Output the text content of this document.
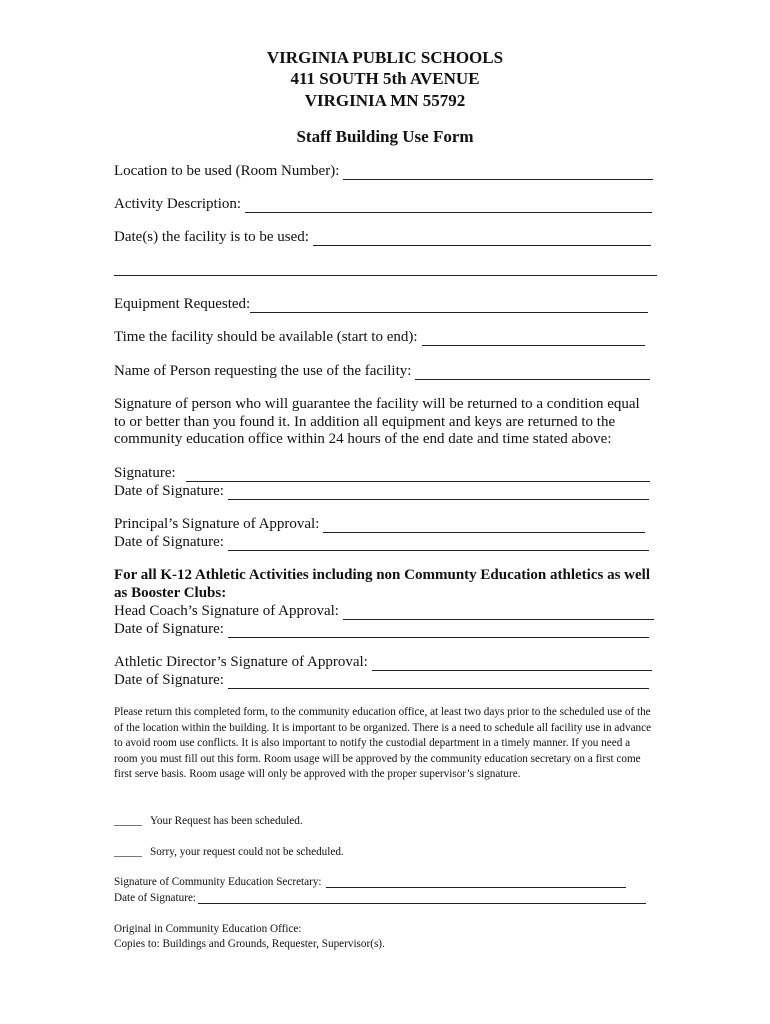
VIRGINIA PUBLIC SCHOOLS
411 SOUTH 5th AVENUE
VIRGINIA MN 55792
Staff Building Use Form
Location to be used (Room Number):
Activity Description:
Date(s) the facility is to be used:
Equipment Requested:
Time the facility should be available (start to end):
Name of Person requesting the use of the facility:
Signature of person who will guarantee the facility will be returned to a condition equal to or better than you found it. In addition all equipment and keys are returned to the community education office within 24 hours of the end date and time stated above:
Signature:
Date of Signature:
Principal’s Signature of Approval:
Date of Signature:
For all K-12 Athletic Activities including non Communty Education athletics as well as Booster Clubs:
Head Coach’s Signature of Approval:
Date of Signature:
Athletic Director’s Signature of Approval:
Date of Signature:
Please return this completed form, to the community education office, at least two days prior to the scheduled use of the of the location within the building. It is important to be organized. There is a need to schedule all facility use in advance to avoid room use conflicts. It is also important to notify the custodial department in a timely manner. If you need a room you must fill out this form. Room usage will be approved by the community education secretary on a first come first serve basis. Room usage will only be approved with the proper supervisor’s signature.
_____ Your Request has been scheduled.
_____ Sorry, your request could not be scheduled.
Signature of Community Education Secretary:
Date of Signature:
Original in Community Education Office:
Copies to: Buildings and Grounds, Requester, Supervisor(s).
